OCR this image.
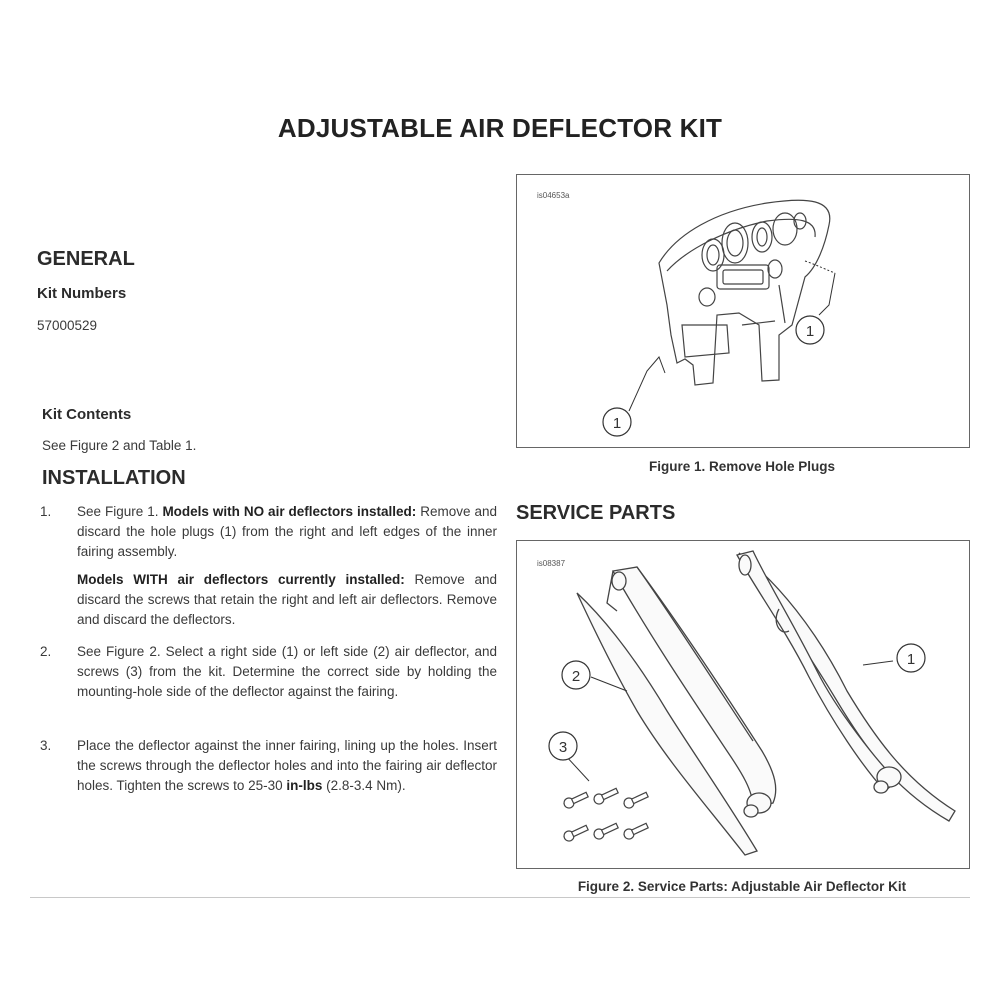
ADJUSTABLE AIR DEFLECTOR KIT
GENERAL
Kit Numbers
57000529
Kit Contents
See Figure 2 and Table 1.
INSTALLATION
1. See Figure 1. Models with NO air deflectors installed: Remove and discard the hole plugs (1) from the right and left edges of the inner fairing assembly.
Models WITH air deflectors currently installed: Remove and discard the screws that retain the right and left air deflectors. Remove and discard the deflectors.
2. See Figure 2. Select a right side (1) or left side (2) air deflector, and screws (3) from the kit. Determine the correct side by holding the mounting-hole side of the deflector against the fairing.
3. Place the deflector against the inner fairing, lining up the holes. Insert the screws through the deflector holes and into the fairing air deflector holes. Tighten the screws to 25-30 in-lbs (2.8-3.4 Nm).
is04653a
1
1
Figure 1. Remove Hole Plugs
SERVICE PARTS
is08387
2
1
3
Figure 2. Service Parts: Adjustable Air Deflector Kit
